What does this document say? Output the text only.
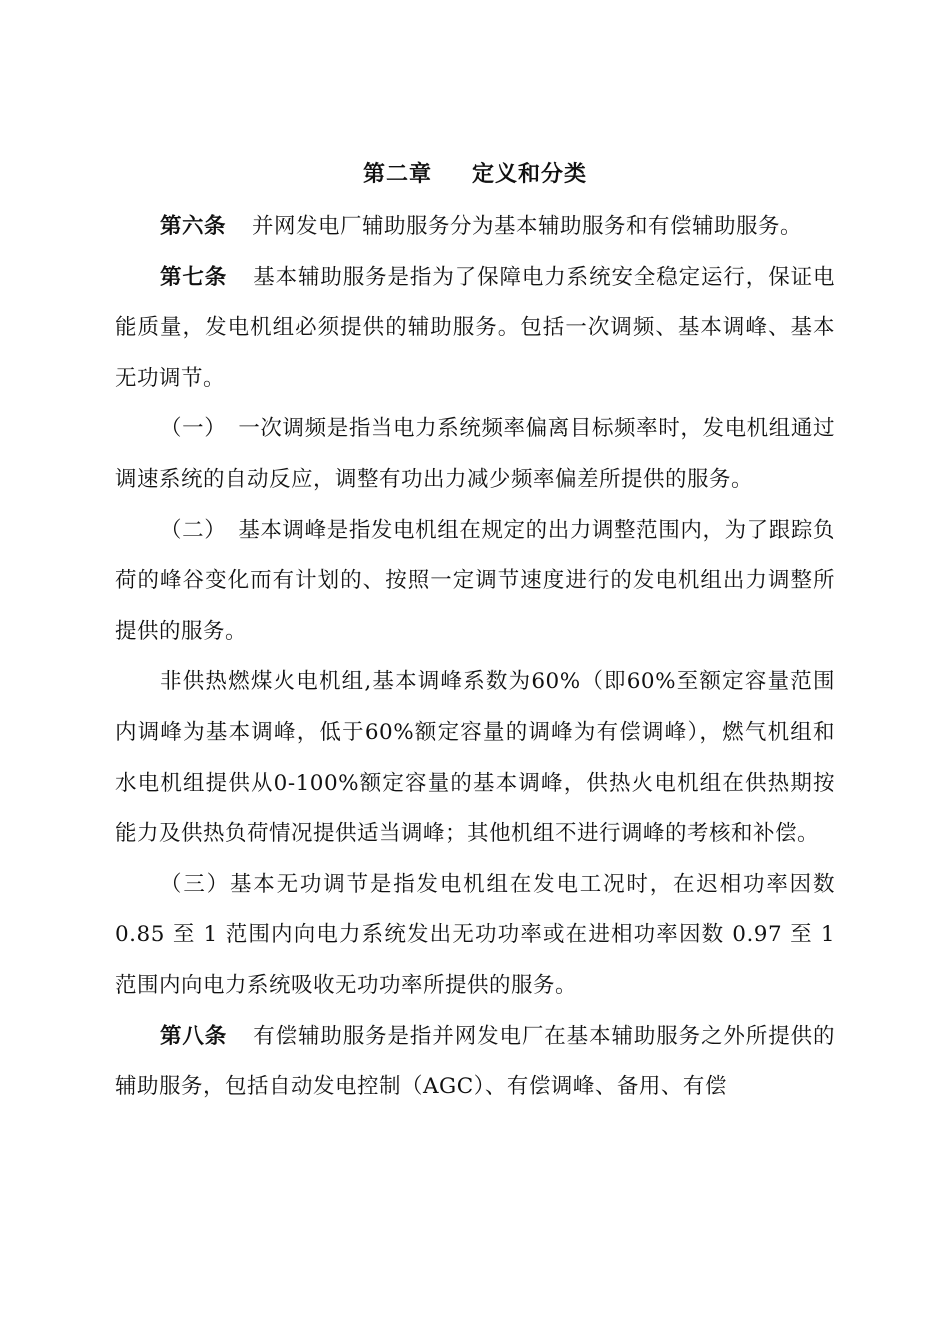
第二章 定义和分类

第六条 并网发电厂辅助服务分为基本辅助服务和有偿辅助服务。

第七条 基本辅助服务是指为了保障电力系统安全稳定运行，保证电能质量，发电机组必须提供的辅助服务。包括一次调频、基本调峰、基本无功调节。

（一） 一次调频是指当电力系统频率偏离目标频率时，发电机组通过调速系统的自动反应，调整有功出力减少频率偏差所提供的服务。

（二） 基本调峰是指发电机组在规定的出力调整范围内，为了跟踪负荷的峰谷变化而有计划的、按照一定调节速度进行的发电机组出力调整所提供的服务。

非供热燃煤火电机组,基本调峰系数为60%（即60%至额定容量范围内调峰为基本调峰，低于60%额定容量的调峰为有偿调峰），燃气机组和水电机组提供从0-100%额定容量的基本调峰，供热火电机组在供热期按能力及供热负荷情况提供适当调峰；其他机组不进行调峰的考核和补偿。

（三）基本无功调节是指发电机组在发电工况时，在迟相功率因数 0.85 至 1 范围内向电力系统发出无功功率或在进相功率因数 0.97 至 1 范围内向电力系统吸收无功功率所提供的服务。

第八条 有偿辅助服务是指并网发电厂在基本辅助服务之外所提供的辅助服务，包括自动发电控制（AGC）、有偿调峰、备用、有偿
